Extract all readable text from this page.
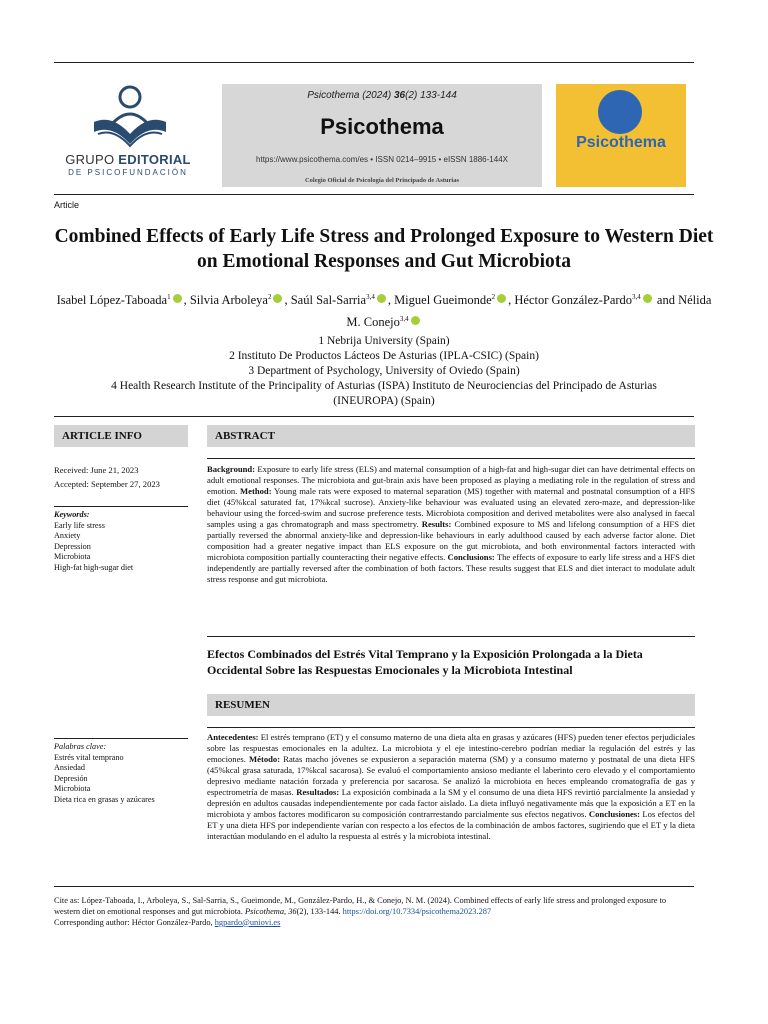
GRUPO EDITORIAL
DE PSICOFUNDACIÓN
Psicothema (2024) 36(2) 133-144
Psicothema
https://www.psicothema.com/es • ISSN 0214–9915 • eISSN 1886-144X
Colegio Oficial de Psicología del Principado de Asturias
Psicothema
Article
Combined Effects of Early Life Stress and Prolonged Exposure to Western Diet on Emotional Responses and Gut Microbiota
Isabel López-Taboada$^1$ , Silvia Arboleya$^2$ , Saúl Sal-Sarria$^{3,4}$ , Miguel Gueimonde$^2$ , Héctor González-Pardo$^{3,4}$ and Nélida M. Conejo$^{3,4}$
1 Nebrija University (Spain)
2 Instituto De Productos Lácteos De Asturias (IPLA-CSIC) (Spain)
3 Department of Psychology, University of Oviedo (Spain)
4 Health Research Institute of the Principality of Asturias (ISPA) Instituto de Neurociencias del Principado de Asturias
(INEUROPA) (Spain)
ARTICLE INFO
Received: June 21, 2023
Accepted: September 27, 2023
Keywords:
Early life stress
Anxiety
Depression
Microbiota
High-fat high-sugar diet
ABSTRACT
Background: Exposure to early life stress (ELS) and maternal consumption of a high-fat and high-sugar diet can have detrimental effects on adult emotional responses. The microbiota and gut-brain axis have been proposed as playing a mediating role in the regulation of stress and emotion. Method: Young male rats were exposed to maternal separation (MS) together with maternal and postnatal consumption of a HFS diet (45%kcal saturated fat, 17%kcal sucrose). Anxiety-like behaviour was evaluated using an elevated zero-maze, and depression-like behaviour using the forced-swim and sucrose preference tests. Microbiota composition and derived metabolites were also analysed in faecal samples using a gas chromatograph and mass spectrometry. Results: Combined exposure to MS and lifelong consumption of a HFS diet partially reversed the abnormal anxiety-like and depression-like behaviours in early adulthood caused by each adverse factor alone. Diet composition had a greater negative impact than ELS exposure on the gut microbiota, and both environmental factors interacted with microbiota composition partially counteracting their negative effects. Conclusions: The effects of exposure to early life stress and a HFS diet independently are partially reversed after the combination of both factors. These results suggest that ELS and diet interact to modulate adult stress response and gut microbiota.
Efectos Combinados del Estrés Vital Temprano y la Exposición Prolongada a la Dieta Occidental Sobre las Respuestas Emocionales y la Microbiota Intestinal
RESUMEN
Antecedentes: El estrés temprano (ET) y el consumo materno de una dieta alta en grasas y azúcares (HFS) pueden tener efectos perjudiciales sobre las respuestas emocionales en la adultez. La microbiota y el eje intestino-cerebro podrían mediar la regulación del estrés y las emociones. Método: Ratas macho jóvenes se expusieron a separación materna (SM) y a consumo materno y postnatal de una dieta HFS (45%kcal grasa saturada, 17%kcal sacarosa). Se evaluó el comportamiento ansioso mediante el laberinto cero elevado y el comportamiento depresivo mediante natación forzada y preferencia por sacarosa. Se analizó la microbiota en heces empleando cromatografía de gas y espectrometría de masas. Resultados: La exposición combinada a la SM y el consumo de una dieta HFS revirtió parcialmente la ansiedad y depresión en adultos causadas independientemente por cada factor aislado. La dieta influyó negativamente más que la exposición a ET en la microbiota y ambos factores modificaron su composición contrarrestando parcialmente sus efectos negativos. Conclusiones: Los efectos del ET y una dieta HFS por independiente varían con respecto a los efectos de la combinación de ambos factores, sugiriendo que el ET y la dieta interactúan modulando en el adulto la respuesta al estrés y la microbiota intestinal.
Palabras clave:
Estrés vital temprano
Ansiedad
Depresión
Microbiota
Dieta rica en grasas y azúcares
Cite as: López-Taboada, I., Arboleya, S., Sal-Sarria, S., Gueimonde, M., González-Pardo, H., & Conejo, N. M. (2024). Combined effects of early life stress and prolonged exposure to western diet on emotional responses and gut microbiota. Psicothema, 36(2), 133-144. https://doi.org/10.7334/psicothema2023.287
Corresponding author: Héctor González-Pardo, hgpardo@uniovi.es
